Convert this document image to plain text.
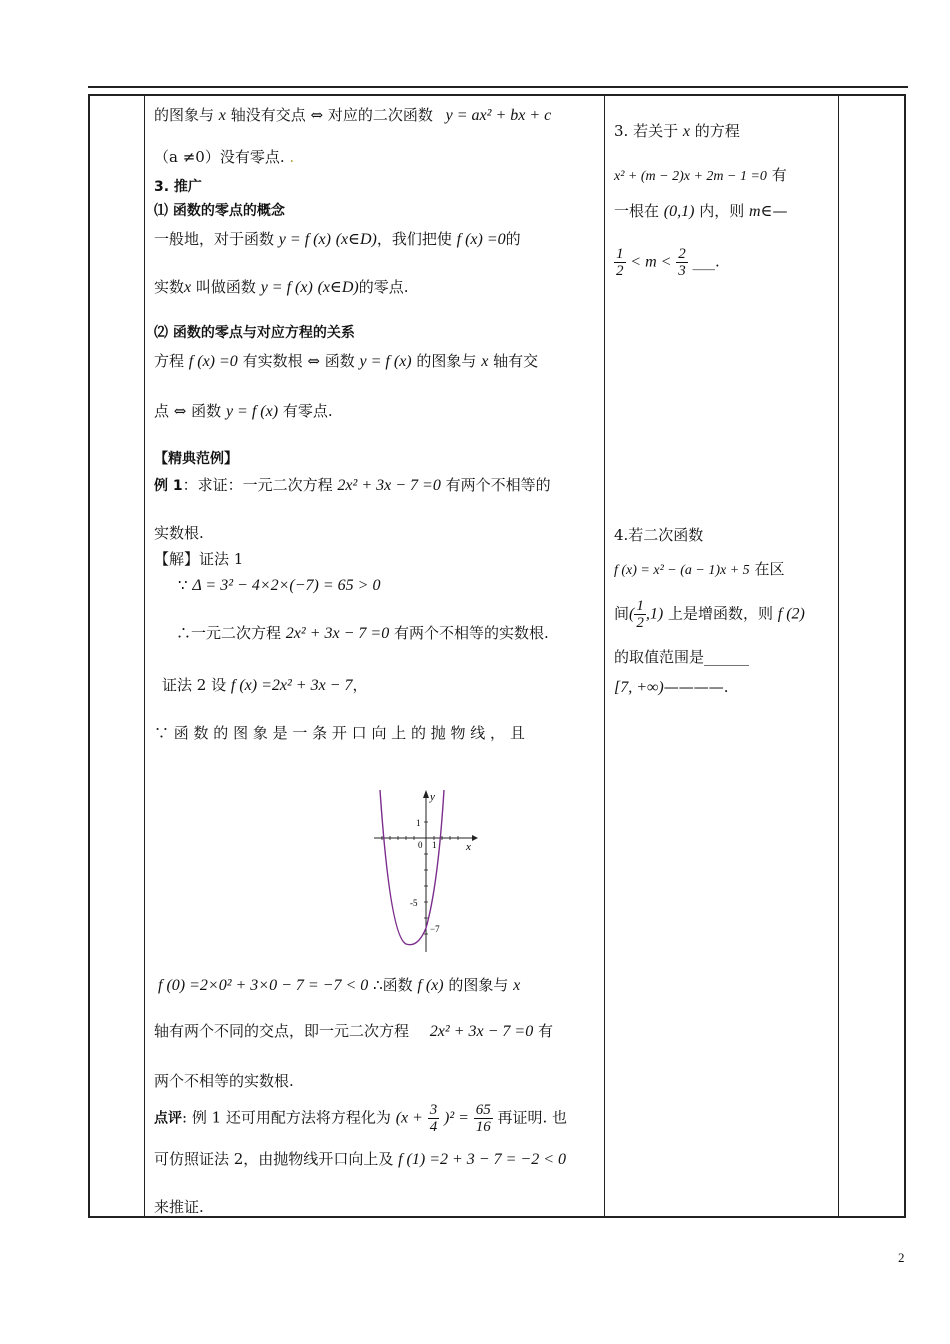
的图象与 x 轴没有交点 ⇔ 对应的二次函数 y = ax² + bx + c
（a ≠0）没有零点. .
3. 推广
⑴ 函数的零点的概念
一般地，对于函数 y = f (x) (x∈D)，我们把使 f (x) =0的
实数x 叫做函数 y = f (x) (x∈D)的零点.
⑵ 函数的零点与对应方程的关系
方程 f (x) =0 有实数根 ⇔ 函数 y = f (x) 的图象与 x 轴有交
点 ⇔ 函数 y = f (x) 有零点.
【精典范例】
例 1：求证：一元二次方程 2x² + 3x − 7 =0 有两个不相等的
实数根.
【解】证法 1
∵ Δ = 3² − 4×2×(−7) = 65 > 0
∴一元二次方程 2x² + 3x − 7 =0 有两个不相等的实数根.
证法 2 设 f (x) =2x² + 3x − 7，
∵ 函 数 的 图 象 是 一 条 开 口 向 上 的 抛 物 线 ， 且
f (0) =2×0² + 3×0 − 7 = −7 < 0 ∴函数 f (x) 的图象与 x
轴有两个不同的交点，即一元二次方程 2x² + 3x − 7 =0 有
两个不相等的实数根.
点评: 例 1 还可用配方法将方程化为 $(x + \frac{3}{4} )^2 = \frac{65}{16}$ 再证明. 也
可仿照证法 2，由抛物线开口向上及 f (1) =2 + 3 − 7 = −2 < 0
来推证.
y
x
1
0 1
-5
−7
3. 若关于 x 的方程
x² + (m − 2)x + 2m − 1 =0 有
一根在 (0,1) 内，则 m∈—
$\frac{1}{2} < m < \frac{2}{3}$ ___.
4.若二次函数
f (x) = x² − (a − 1)x + 5 在区
间( $\frac{1}{2} ,1$) 上是增函数，则 f (2)
的取值范围是______
[7, +∞)————.
2
